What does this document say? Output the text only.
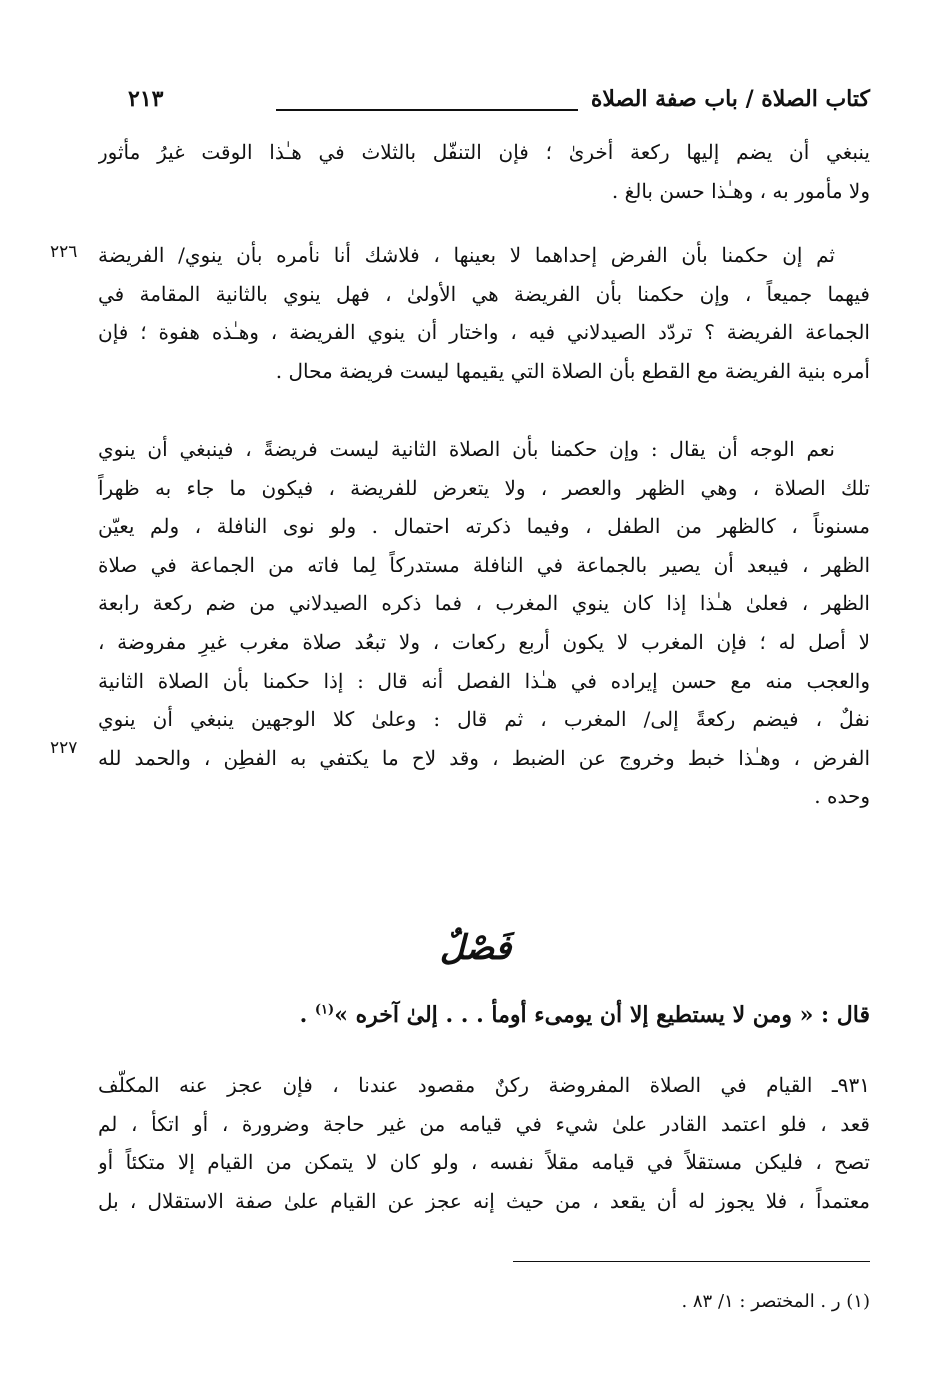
كتاب الصلاة / باب صفة الصلاة
٢١٣
ينبغي أن يضم إليها ركعة أخرىٰ ؛ فإن التنفّل بالثلاث في هـٰذا الوقت غيرُ مأثور
ولا مأمور به ، وهـٰذا حسن بالغ .
٢٢٦ ثم إن حكمنا بأن الفرض إحداهما لا بعينها ، فلاشك أنا نأمره بأن ينوي/ الفريضة
فيهما جميعاً ، وإن حكمنا بأن الفريضة هي الأولىٰ ، فهل ينوي بالثانية المقامة في
الجماعة الفريضة ؟ تردّد الصيدلاني فيه ، واختار أن ينوي الفريضة ، وهـٰذه هفوة ؛ فإن
أمره بنية الفريضة مع القطع بأن الصلاة التي يقيمها ليست فريضة محال .
نعم الوجه أن يقال : وإن حكمنا بأن الصلاة الثانية ليست فريضةً ، فينبغي أن ينوي
تلك الصلاة ، وهي الظهر والعصر ، ولا يتعرض للفريضة ، فيكون ما جاء به ظهراً
مسنوناً ، كالظهر من الطفل ، وفيما ذكرته احتمال . ولو نوى النافلة ، ولم يعيّن
الظهر ، فيبعد أن يصير بالجماعة في النافلة مستدركاً لِما فاته من الجماعة في صلاة
الظهر ، فعلىٰ هـٰذا إذا كان ينوي المغرب ، فما ذكره الصيدلاني من ضم ركعة رابعة
لا أصل له ؛ فإن المغرب لا يكون أربع ركعات ، ولا تبعُد صلاة مغرب غيرِ مفروضة ،
والعجب منه مع حسن إيراده في هـٰذا الفصل أنه قال : إذا حكمنا بأن الصلاة الثانية
نفلٌ ، فيضم ركعةً إلى/ المغرب ، ثم قال : وعلىٰ كلا الوجهين ينبغي أن ينوي
الفرض ، وهـٰذا خبط وخروج عن الضبط ، وقد لاح ما يكتفي به الفطِن ، والحمد لله
وحده .
٢٢٧
فَصْلٌ
قال : « ومن لا يستطيع إلا أن يومىء أومأ . . . إلىٰ آخره »$^{(١)}$ .
٩٣١ـ القيام في الصلاة المفروضة ركنٌ مقصود عندنا ، فإن عجز عنه المكلّف
قعد ، فلو اعتمد القادر علىٰ شيء في قيامه من غير حاجة وضرورة ، أو اتكأ ، لم
تصح ، فليكن مستقلاً في قيامه مقلاً نفسه ، ولو كان لا يتمكن من القيام إلا متكئاً أو
معتمداً ، فلا يجوز له أن يقعد ، من حيث إنه عجز عن القيام علىٰ صفة الاستقلال ، بل
(١) ر . المختصر : ١/ ٨٣ .
